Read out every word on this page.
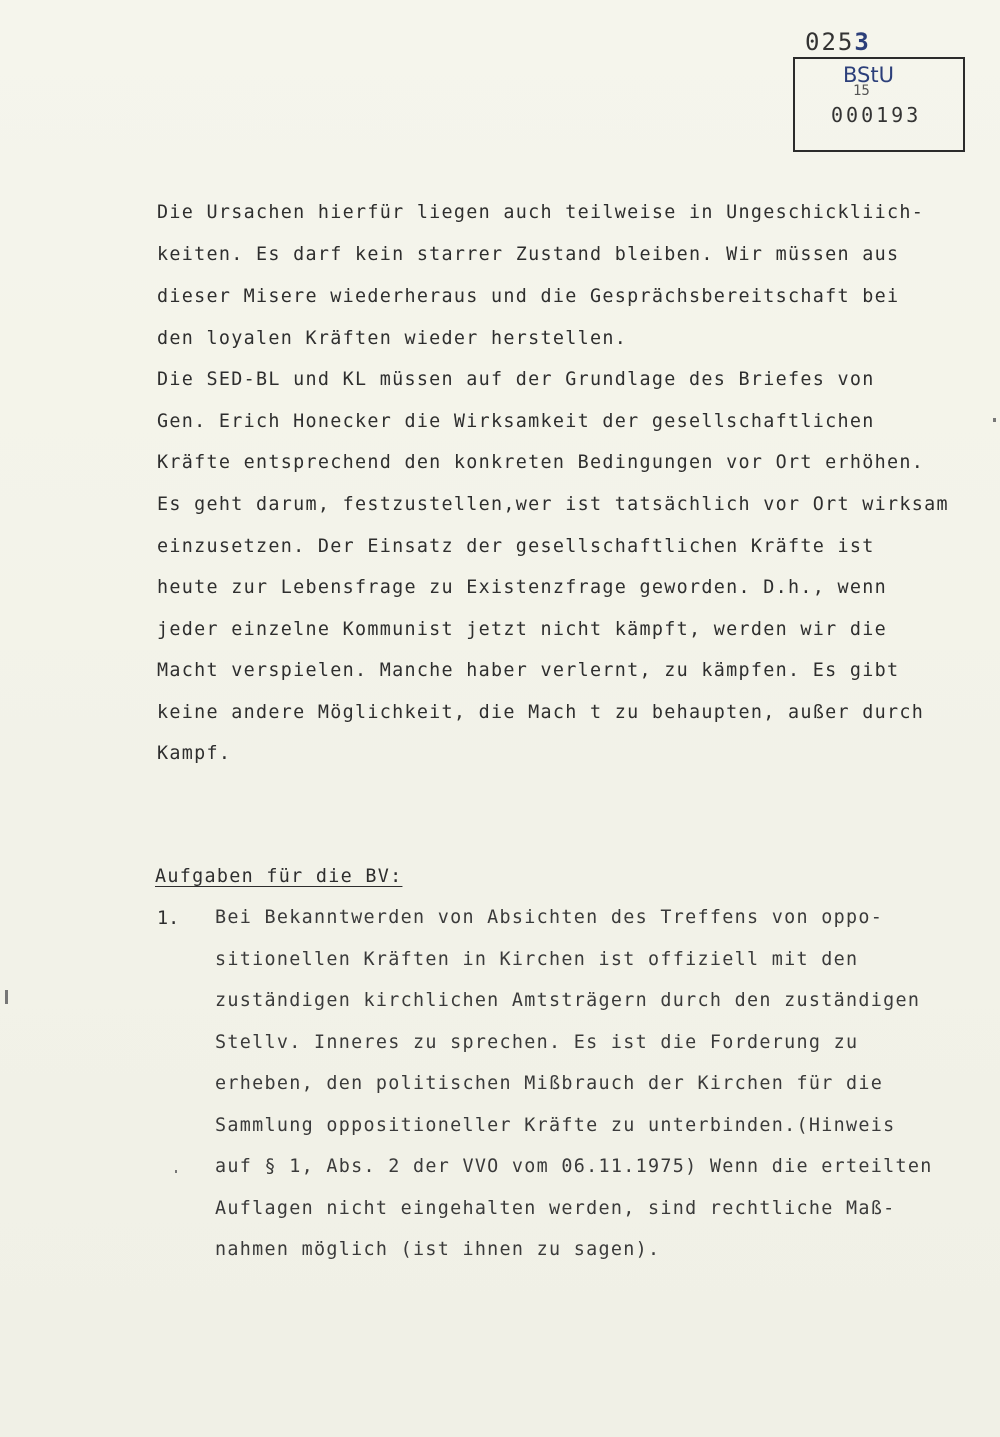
0253
BStU
15
000193
Die Ursachen hierfür liegen auch teilweise in Ungeschickliich-
keiten. Es darf kein starrer Zustand bleiben. Wir müssen aus
dieser Misere wiederheraus und die Gesprächsbereitschaft bei
den loyalen Kräften wieder herstellen.
Die SED-BL und KL müssen auf der Grundlage des Briefes von
Gen. Erich Honecker die Wirksamkeit der gesellschaftlichen
Kräfte entsprechend den konkreten Bedingungen vor Ort erhöhen.
Es geht darum, festzustellen,wer ist tatsächlich vor Ort wirksam
einzusetzen. Der Einsatz der gesellschaftlichen Kräfte ist
heute zur Lebensfrage zu Existenzfrage geworden. D.h., wenn
jeder einzelne Kommunist jetzt nicht kämpft, werden wir die
Macht verspielen. Manche haber verlernt, zu kämpfen. Es gibt
keine andere Möglichkeit, die Mach t zu behaupten, außer durch
Kampf.
Aufgaben für die BV:
1. Bei Bekanntwerden von Absichten des Treffens von oppo-
sitionellen Kräften in Kirchen ist offiziell mit den
zuständigen kirchlichen Amtsträgern durch den zuständigen
Stellv. Inneres zu sprechen. Es ist die Forderung zu
erheben, den politischen Mißbrauch der Kirchen für die
Sammlung oppositioneller Kräfte zu unterbinden.(Hinweis
auf § 1, Abs. 2 der VVO vom 06.11.1975) Wenn die erteilten
Auflagen nicht eingehalten werden, sind rechtliche Maß-
nahmen möglich (ist ihnen zu sagen).
